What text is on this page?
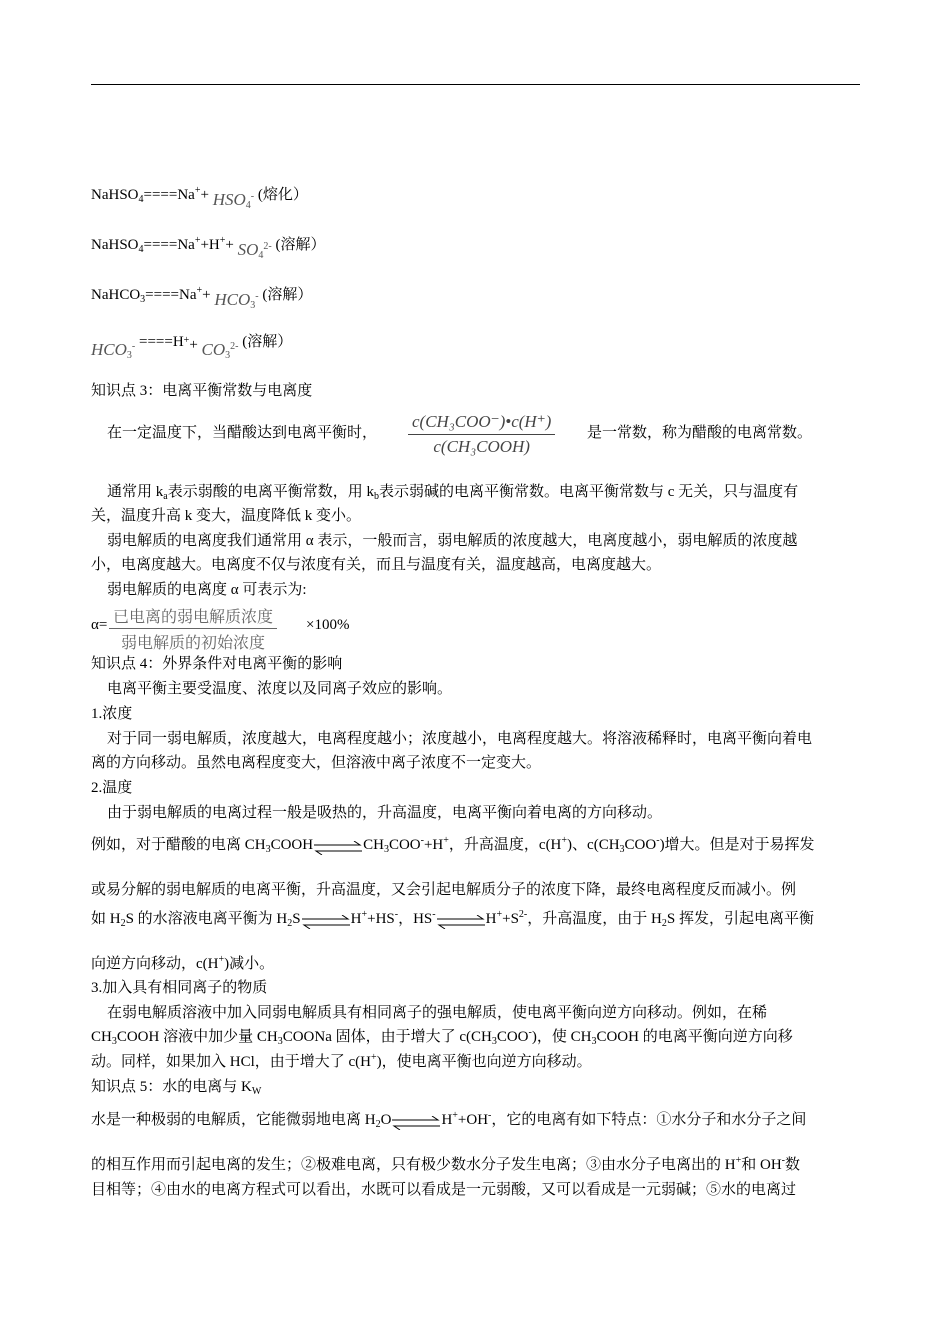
NaHSO$_4$====Na++ $HSO_4^-$ (熔化）
NaHSO$_4$====Na++H++ $SO_4^{2-}$ (溶解）
NaHCO$_3$====Na++ $HCO_3^-$ (溶解）
$HCO_3^- ====H^++ CO_3^{2-}$ (溶解）
知识点 3：电离平衡常数与电离度
在一定温度下，当醋酸达到电离平衡时，
c(CH₃COO⁻)•c(H⁺)
c(CH₃COOH)
是一常数，称为醋酸的电离常数。
通常用 $k_a$表示弱酸的电离平衡常数，用 $k_b$表示弱碱的电离平衡常数。电离平衡常数与 c 无关，只与温度有
关，温度升高 k 变大，温度降低 k 变小。
弱电解质的电离度我们通常用 α 表示，一般而言，弱电解质的浓度越大，电离度越小，弱电解质的浓度越
小，电离度越大。电离度不仅与浓度有关，而且与温度有关，温度越高，电离度越大。
弱电解质的电离度 α 可表示为:
α= 已电离的弱电解质浓度
弱电解质的初始浓度
×100%
知识点 4：外界条件对电离平衡的影响
电离平衡主要受温度、浓度以及同离子效应的影响。
1.浓度
对于同一弱电解质，浓度越大，电离程度越小；浓度越小，电离程度越大。将溶液稀释时，电离平衡向着电
离的方向移动。虽然电离程度变大，但溶液中离子浓度不一定变大。
2.温度
由于弱电解质的电离过程一般是吸热的，升高温度，电离平衡向着电离的方向移动。
例如，对于醋酸的电离 $CH_3COOH\rightleftharpoons CH_3COO^-+H^+$，升高温度，c(H+)、$c(CH_3COO^-)$增大。但是对于易挥发
或易分解的弱电解质的电离平衡，升高温度，又会引起电解质分子的浓度下降，最终电离程度反而减小。例
如 $H_2S$ 的水溶液电离平衡为 $H_2S\rightleftharpoons H^++HS^-$，HS- $\rightleftharpoons H^++S^{2-}$，升高温度，由于 $H_2S$ 挥发，引起电离平衡
向逆方向移动，c(H+)减小。
3.加入具有相同离子的物质
在弱电解质溶液中加入同弱电解质具有相同离子的强电解质，使电离平衡向逆方向移动。例如，在稀
$CH_3COOH$ 溶液中加少量 $CH_3COONa$ 固体，由于增大了 $c(CH_3COO^-)$，使 $CH_3COOH$ 的电离平衡向逆方向移
动。同样，如果加入 HCl，由于增大了 c(H+)，使电离平衡也向逆方向移动。
知识点 5：水的电离与 $K_W$
水是一种极弱的电解质，它能微弱地电离 $H_2O\rightleftharpoons H^++OH^-$，它的电离有如下特点：①水分子和水分子之间
的相互作用而引起电离的发生；②极难电离，只有极少数水分子发生电离；③由水分子电离出的 H+和 OH-数
目相等；④由水的电离方程式可以看出，水既可以看成是一元弱酸，又可以看成是一元弱碱；⑤水的电离过
